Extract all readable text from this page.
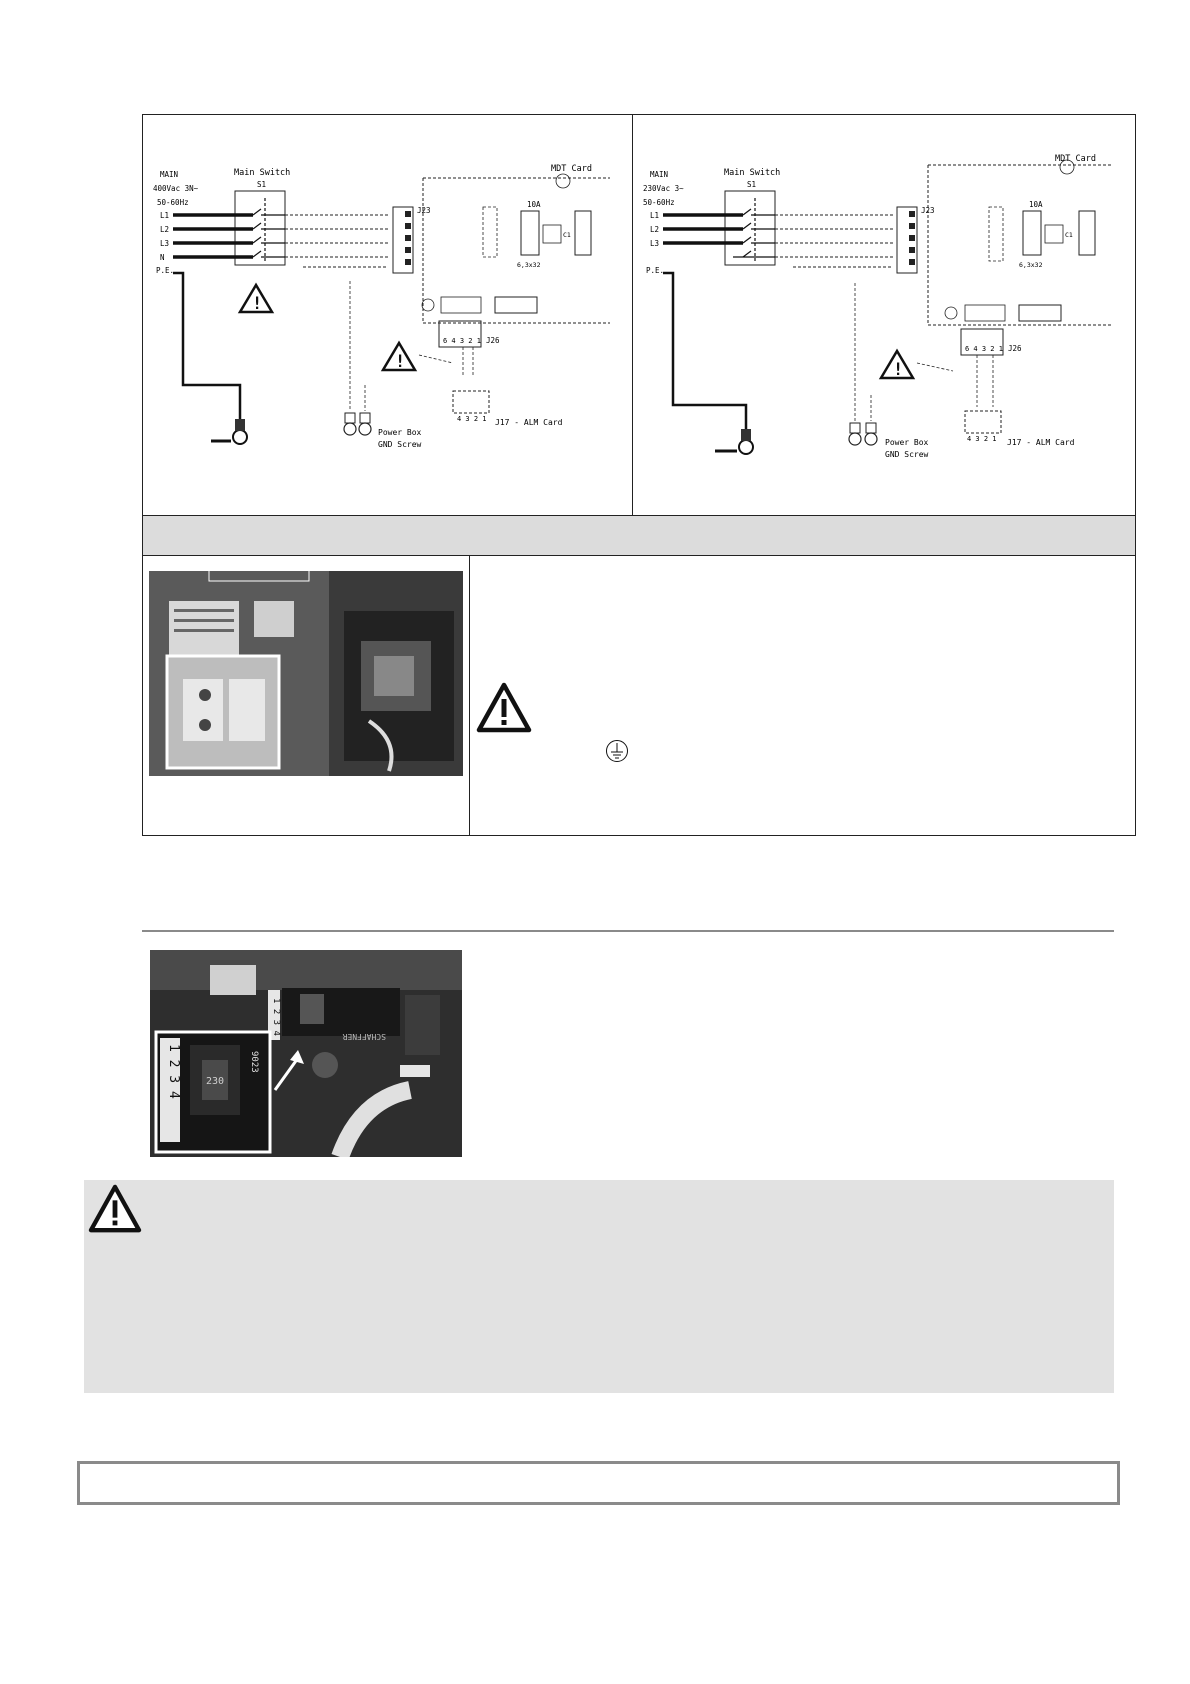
MAIN
400Vac 3N~
50-60Hz
L1
L2
L3
N
P.E.
Main Switch
S1
MDT Card
J23
10A
C1
6,3x32
6 4 3 2 1 J26
!
!
Power Box
GND Screw
4 3 2 1 J17 - ALM Card
MAIN
230Vac 3~
50-60Hz
L1
L2
L3
P.E.
Main Switch
S1
MDT Card
J23
10A
C1
6,3x32
6 4 3 2 1 J26
!
Power Box
GND Screw
4 3 2 1 J17 - ALM Card
1 2 3 4
SCHAFFNER
1 2 3 4	230
9023
